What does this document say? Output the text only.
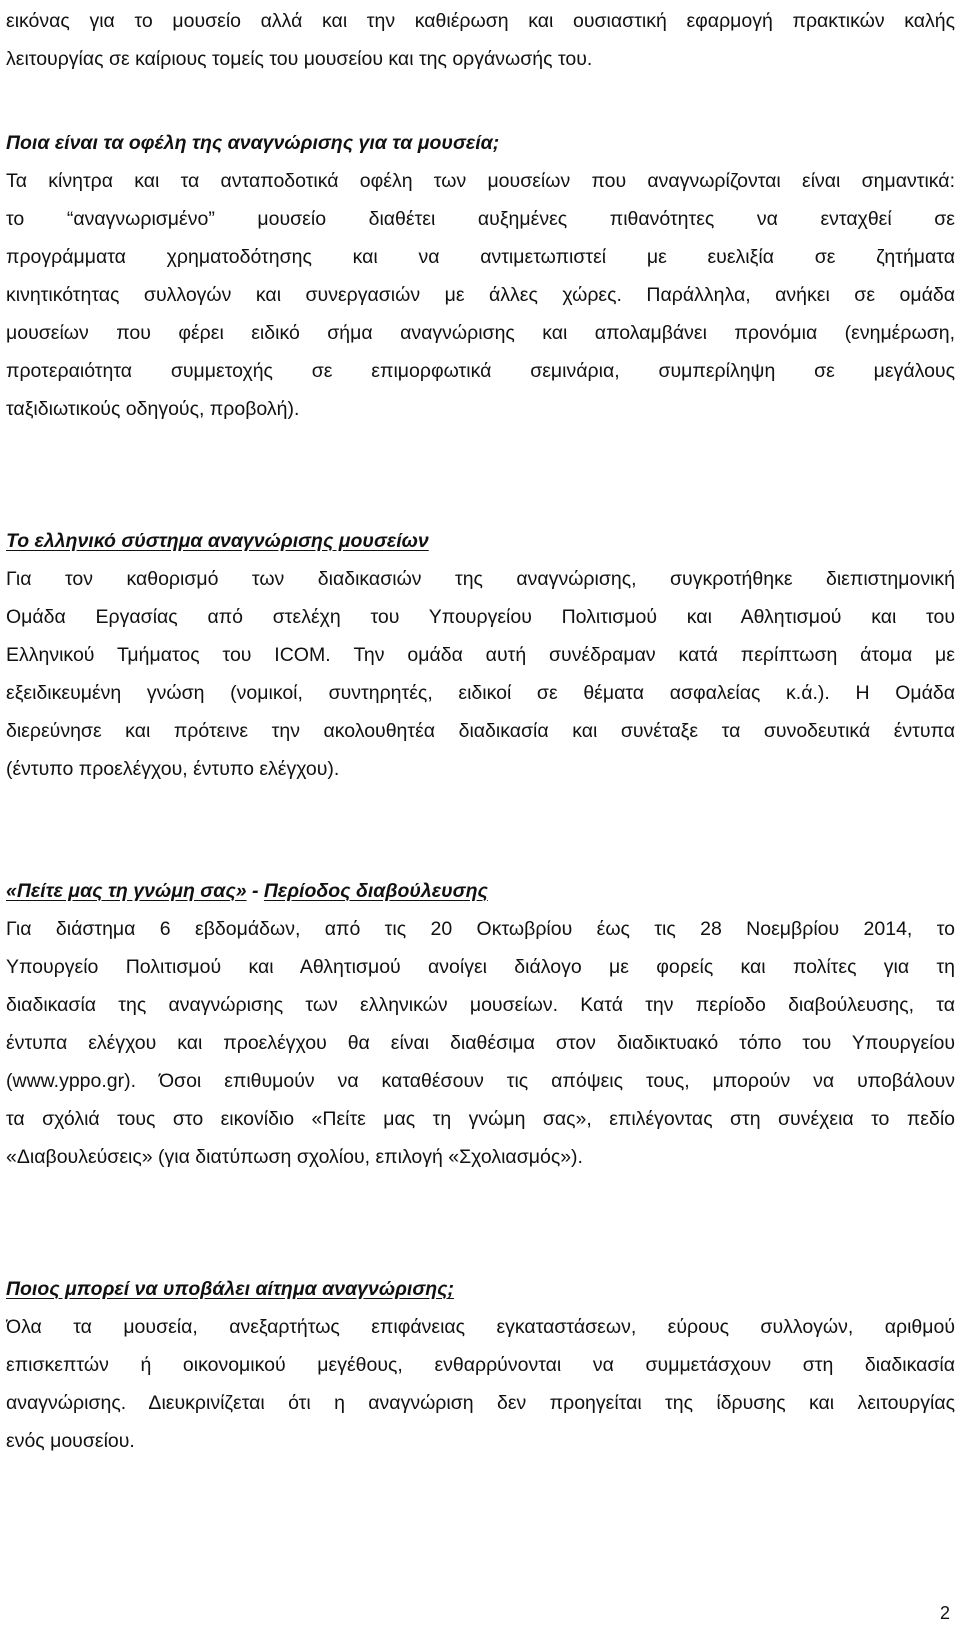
εικόνας για το μουσείο αλλά και την καθιέρωση και ουσιαστική εφαρμογή πρακτικών καλής
λειτουργίας σε καίριους τομείς του μουσείου και της οργάνωσής του.
Ποια είναι τα οφέλη της αναγνώρισης για τα μουσεία;
Τα κίνητρα και τα ανταποδοτικά οφέλη των μουσείων που αναγνωρίζονται είναι σημαντικά:
το “αναγνωρισμένο” μουσείο διαθέτει αυξημένες πιθανότητες να ενταχθεί σε
προγράμματα χρηματοδότησης και να αντιμετωπιστεί με ευελιξία σε ζητήματα
κινητικότητας συλλογών και συνεργασιών με άλλες χώρες. Παράλληλα, ανήκει σε ομάδα
μουσείων που φέρει ειδικό σήμα αναγνώρισης και απολαμβάνει προνόμια (ενημέρωση,
προτεραιότητα συμμετοχής σε επιμορφωτικά σεμινάρια, συμπερίληψη σε μεγάλους
ταξιδιωτικούς οδηγούς, προβολή).
Το ελληνικό σύστημα αναγνώρισης μουσείων
Για τον καθορισμό των διαδικασιών της αναγνώρισης, συγκροτήθηκε διεπιστημονική
Ομάδα Εργασίας από στελέχη του Υπουργείου Πολιτισμού και Αθλητισμού και του
Ελληνικού Τμήματος του ICOM. Την ομάδα αυτή συνέδραμαν κατά περίπτωση άτομα με
εξειδικευμένη γνώση (νομικοί, συντηρητές, ειδικοί σε θέματα ασφαλείας κ.ά.). Η Ομάδα
διερεύνησε και πρότεινε την ακολουθητέα διαδικασία και συνέταξε τα συνοδευτικά έντυπα
(έντυπο προελέγχου, έντυπο ελέγχου).
«Πείτε μας τη γνώμη σας» - Περίοδος διαβούλευσης
Για διάστημα 6 εβδομάδων, από τις 20 Οκτωβρίου έως τις 28 Νοεμβρίου 2014, το
Υπουργείο Πολιτισμού και Αθλητισμού ανοίγει διάλογο με φορείς και πολίτες για τη
διαδικασία της αναγνώρισης των ελληνικών μουσείων. Κατά την περίοδο διαβούλευσης, τα
έντυπα ελέγχου και προελέγχου θα είναι διαθέσιμα στον διαδικτυακό τόπο του Υπουργείου
(www.yppo.gr). Όσοι επιθυμούν να καταθέσουν τις απόψεις τους, μπορούν να υποβάλουν
τα σχόλιά τους στο εικονίδιο «Πείτε μας τη γνώμη σας», επιλέγοντας στη συνέχεια το πεδίο
«Διαβουλεύσεις» (για διατύπωση σχολίου, επιλογή «Σχολιασμός»).
Ποιος μπορεί να υποβάλει αίτημα αναγνώρισης;
Όλα τα μουσεία, ανεξαρτήτως επιφάνειας εγκαταστάσεων, εύρους συλλογών, αριθμού
επισκεπτών ή οικονομικού μεγέθους, ενθαρρύνονται να συμμετάσχουν στη διαδικασία
αναγνώρισης. Διευκρινίζεται ότι η αναγνώριση δεν προηγείται της ίδρυσης και λειτουργίας
ενός μουσείου.
2
